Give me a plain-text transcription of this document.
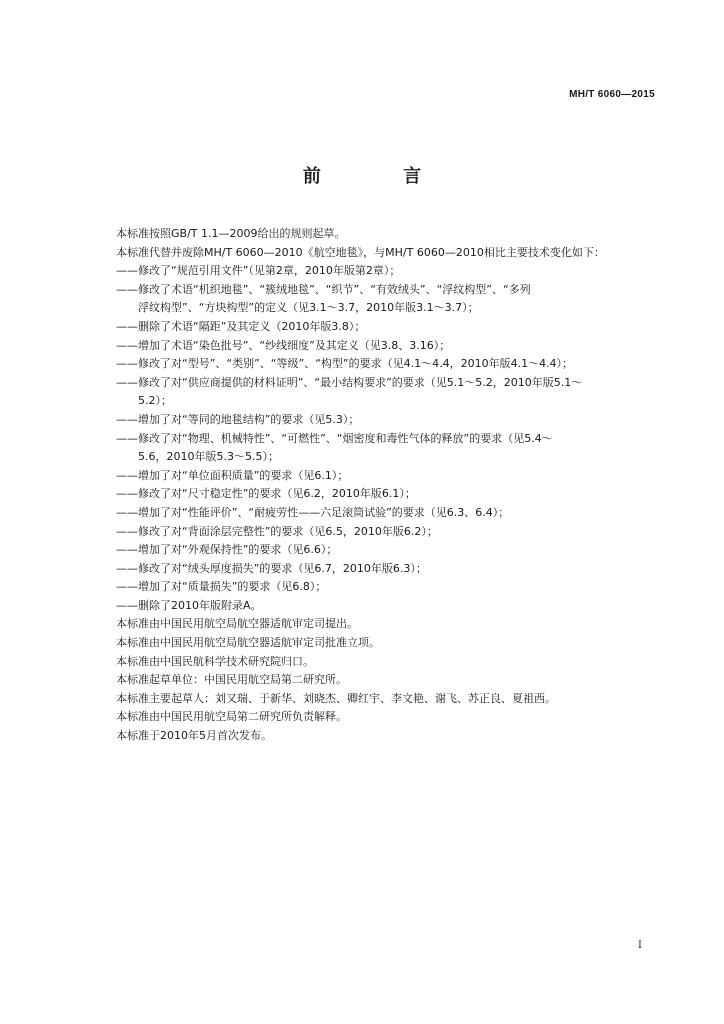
MH/T 6060—2015
前 言
本标准按照GB/T 1.1—2009给出的规则起草。
本标准代替并废除MH/T 6060—2010《航空地毯》，与MH/T 6060—2010相比主要技术变化如下：
——修改了“规范引用文件”（见第2章，2010年版第2章）；
——修改了术语“机织地毯”、“簇绒地毯”、“织节”、“有效绒头”、“浮纹构型”、“多列
浮纹构型”、“方块构型”的定义（见3.1～3.7，2010年版3.1～3.7）；
——删除了术语“隔距”及其定义（2010年版3.8）；
——增加了术语“染色批号”、“纱线细度”及其定义（见3.8、3.16）；
——修改了对“型号”、“类别”、“等级”、“构型”的要求（见4.1～4.4，2010年版4.1～4.4）；
——修改了对“供应商提供的材料证明”、“最小结构要求”的要求（见5.1～5.2，2010年版5.1～
5.2）；
——增加了对“等同的地毯结构”的要求（见5.3）；
——修改了对“物理、机械特性”、“可燃性”、“烟密度和毒性气体的释放”的要求（见5.4～
5.6，2010年版5.3～5.5）；
——增加了对“单位面积质量”的要求（见6.1）；
——修改了对“尺寸稳定性”的要求（见6.2，2010年版6.1）；
——增加了对“性能评价”、“耐疲劳性——六足滚筒试验”的要求（见6.3、6.4）；
——修改了对“背面涂层完整性”的要求（见6.5，2010年版6.2）；
——增加了对“外观保持性”的要求（见6.6）；
——修改了对“绒头厚度损失”的要求（见6.7，2010年版6.3）；
——增加了对“质量损失”的要求（见6.8）；
——删除了2010年版附录A。
本标准由中国民用航空局航空器适航审定司提出。
本标准由中国民用航空局航空器适航审定司批准立项。
本标准由中国民航科学技术研究院归口。
本标准起草单位：中国民用航空局第二研究所。
本标准主要起草人：刘又瑞、于新华、刘晓杰、卿红宇、李文艳、谢飞、苏正良、夏祖西。
本标准由中国民用航空局第二研究所负责解释。
本标准于2010年5月首次发布。
I
